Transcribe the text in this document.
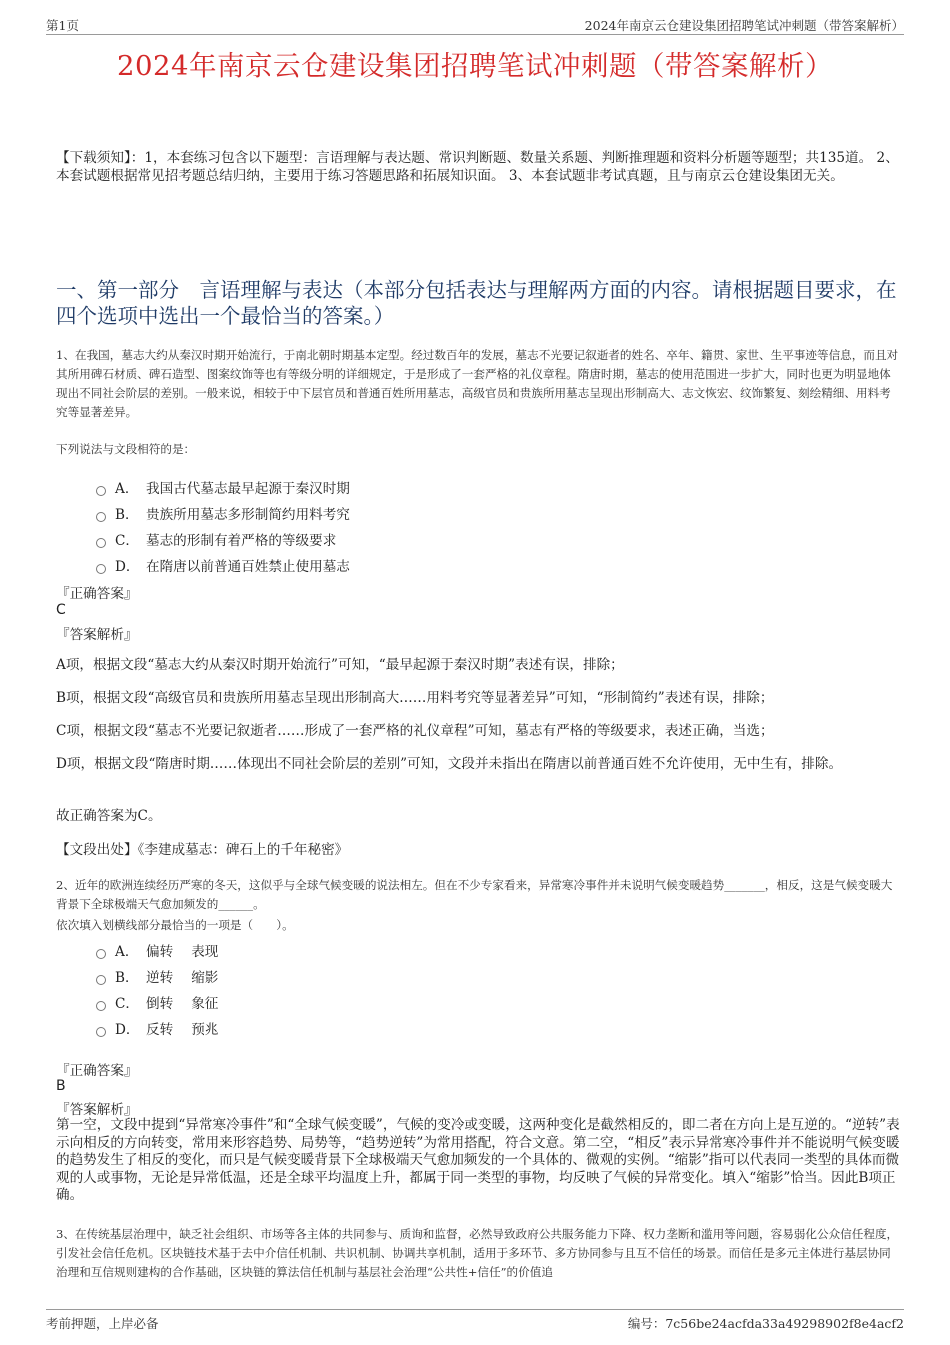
第1页	2024年南京云仓建设集团招聘笔试冲刺题（带答案解析）
2024年南京云仓建设集团招聘笔试冲刺题（带答案解析）
【下载须知】：1，本套练习包含以下题型：言语理解与表达题、常识判断题、数量关系题、判断推理题和资料分析题等题型；共135道。 2、本套试题根据常见招考题总结归纳，主要用于练习答题思路和拓展知识面。 3、本套试题非考试真题，且与南京云仓建设集团无关。
一、第一部分　言语理解与表达（本部分包括表达与理解两方面的内容。请根据题目要求，在四个选项中选出一个最恰当的答案。）
1、在我国，墓志大约从秦汉时期开始流行，于南北朝时期基本定型。经过数百年的发展，墓志不光要记叙逝者的姓名、卒年、籍贯、家世、生平事迹等信息，而且对其所用碑石材质、碑石造型、图案纹饰等也有等级分明的详细规定，于是形成了一套严格的礼仪章程。隋唐时期，墓志的使用范围进一步扩大，同时也更为明显地体现出不同社会阶层的差别。一般来说，相较于中下层官员和普通百姓所用墓志，高级官员和贵族所用墓志呈现出形制高大、志文恢宏、纹饰繁复、刻绘精细、用料考究等显著差异。
下列说法与文段相符的是：
A． 我国古代墓志最早起源于秦汉时期
B． 贵族所用墓志多形制简约用料考究
C． 墓志的形制有着严格的等级要求
D． 在隋唐以前普通百姓禁止使用墓志
『正确答案』
C
『答案解析』
A项，根据文段“墓志大约从秦汉时期开始流行”可知，“最早起源于秦汉时期”表述有误，排除；
B项，根据文段“高级官员和贵族所用墓志呈现出形制高大……用料考究等显著差异”可知，“形制简约”表述有误，排除；
C项，根据文段“墓志不光要记叙逝者……形成了一套严格的礼仪章程”可知，墓志有严格的等级要求，表述正确，当选；
D项，根据文段“隋唐时期……体现出不同社会阶层的差别”可知，文段并未指出在隋唐以前普通百姓不允许使用，无中生有，排除。
故正确答案为C。
【文段出处】《李建成墓志：碑石上的千年秘密》
2、近年的欧洲连续经历严寒的冬天，这似乎与全球气候变暖的说法相左。但在不少专家看来，异常寒冷事件并未说明气候变暖趋势_______，相反，这是气候变暖大背景下全球极端天气愈加频发的______。
依次填入划横线部分最恰当的一项是（　　）。
A． 偏转 表现
B． 逆转 缩影
C． 倒转 象征
D． 反转 预兆
『正确答案』
B
『答案解析』
第一空，文段中提到“异常寒冷事件”和“全球气候变暖”，气候的变冷或变暖，这两种变化是截然相反的，即二者在方向上是互逆的。“逆转”表示向相反的方向转变，常用来形容趋势、局势等，“趋势逆转”为常用搭配，符合文意。第二空，“相反”表示异常寒冷事件并不能说明气候变暖的趋势发生了相反的变化，而只是气候变暖背景下全球极端天气愈加频发的一个具体的、微观的实例。“缩影”指可以代表同一类型的具体而微观的人或事物，无论是异常低温，还是全球平均温度上升，都属于同一类型的事物，均反映了气候的异常变化。填入“缩影”恰当。因此B项正确。
3、在传统基层治理中，缺乏社会组织、市场等各主体的共同参与、质询和监督，必然导致政府公共服务能力下降、权力垄断和滥用等问题，容易弱化公众信任程度，引发社会信任危机。区块链技术基于去中介信任机制、共识机制、协调共享机制，适用于多环节、多方协同参与且互不信任的场景。而信任是多元主体进行基层协同治理和互信规则建构的合作基础，区块链的算法信任机制与基层社会治理“公共性+信任”的价值追
考前押题，上岸必备	编号：7c56be24acfda33a49298902f8e4acf2
